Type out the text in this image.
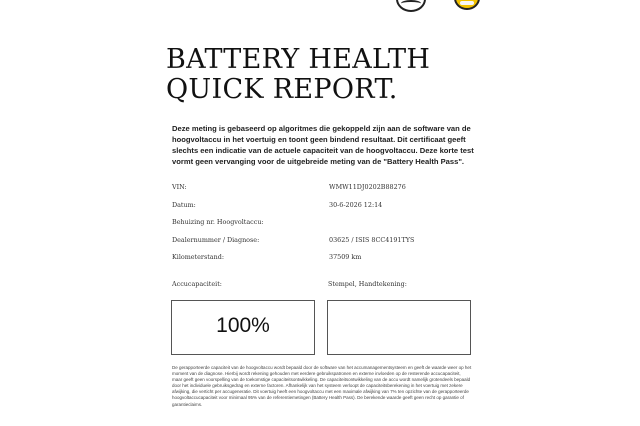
BATTERY HEALTH
QUICK REPORT.
Deze meting is gebaseerd op algoritmes die gekoppeld zijn aan de software van de hoogvoltaccu in het voertuig en toont geen bindend resultaat. Dit certificaat geeft slechts een indicatie van de actuele capaciteit van de hoogvoltaccu. Deze korte test vormt geen vervanging voor de uitgebreide meting van de "Battery Health Pass".
VIN:	WMW11DJ0202B88276
Datum:	30-6-2026 12:14
Behuizing nr. Hoogvoltaccu:
Dealernummer / Diagnose:	03625 / ISIS 8CC4191TYS
Kilometerstand:	37509 km
Accucapaciteit:	Stempel, Handtekening:
100%
De gerapporteerde capaciteit van de hoogvoltaccu wordt bepaald door de software van het accumanagementsysteem en geeft de waarde weer op het moment van de diagnose. Hierbij wordt rekening gehouden met eerdere gebruikspatronen en externe invloeden op de resterende accucapaciteit, maar geeft geen voorspelling van de toekomstige capaciteitsontwikkeling. De capaciteitsontwikkeling van de accu wordt namelijk grotendeels bepaald door het individuele gebruiksgedrag en externe factoren. Afhankelijk van het systeem verloopt de capaciteitsberekening in het voertuig met zekere afwijking, die verticht per accugeneratie. Dit voertuig heeft een hoogvoltaccu met een maximale afwijking van 7% ten opzichte van de gerapporteerde hoogvoltaccucapaciteit voor minimaal 95% van de referentiemetingen (Battery Health Pass). De berekende waarde geeft geen recht op garantie of garantieclaims.
